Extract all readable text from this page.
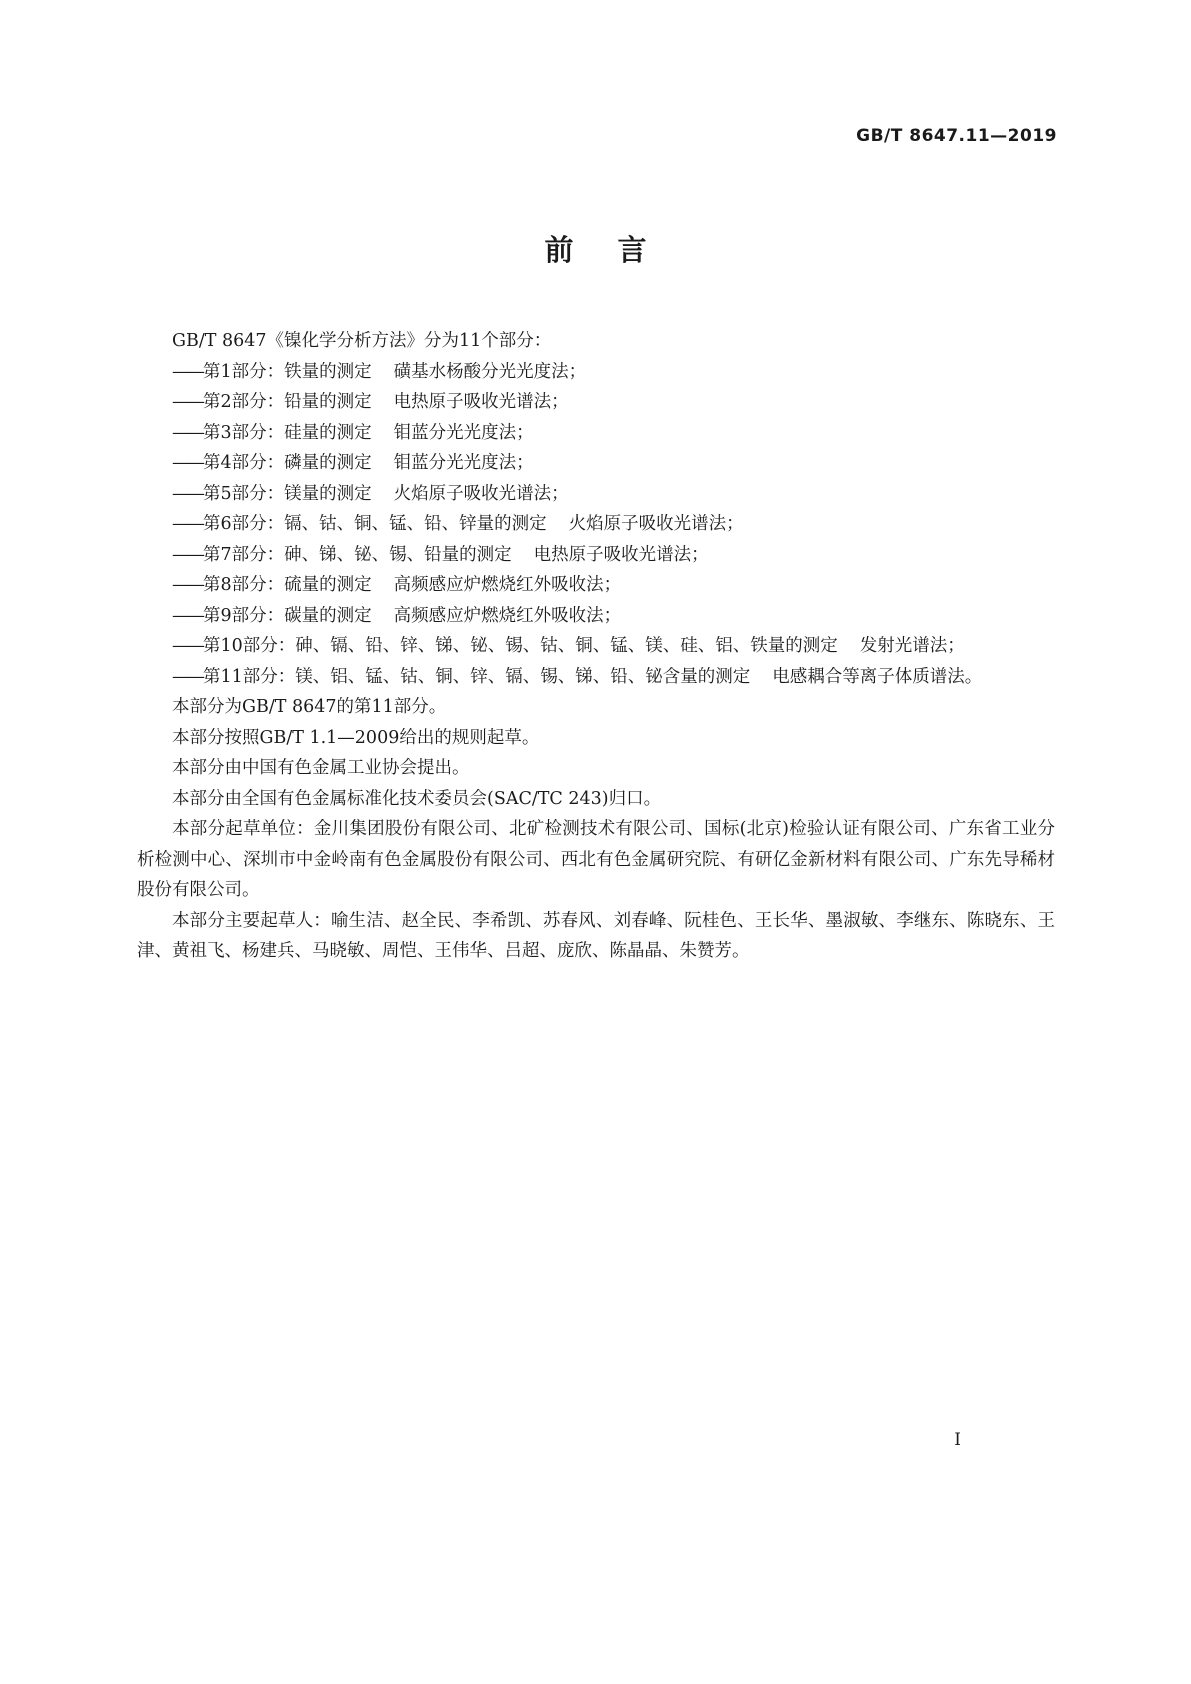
GB/T 8647.11—2019
前 言

GB/T 8647《镍化学分析方法》分为11个部分：

——第1部分：铁量的测定 磺基水杨酸分光光度法；

——第2部分：铅量的测定 电热原子吸收光谱法；

——第3部分：硅量的测定 钼蓝分光光度法；

——第4部分：磷量的测定 钼蓝分光光度法；

——第5部分：镁量的测定 火焰原子吸收光谱法；

——第6部分：镉、钴、铜、锰、铅、锌量的测定 火焰原子吸收光谱法；

——第7部分：砷、锑、铋、锡、铅量的测定 电热原子吸收光谱法；

——第8部分：硫量的测定 高频感应炉燃烧红外吸收法；

——第9部分：碳量的测定 高频感应炉燃烧红外吸收法；

——第10部分：砷、镉、铅、锌、锑、铋、锡、钴、铜、锰、镁、硅、铝、铁量的测定 发射光谱法；

——第11部分：镁、铝、锰、钴、铜、锌、镉、锡、锑、铅、铋含量的测定 电感耦合等离子体质谱法。

本部分为GB/T 8647的第11部分。

本部分按照GB/T 1.1—2009给出的规则起草。

本部分由中国有色金属工业协会提出。

本部分由全国有色金属标准化技术委员会(SAC/TC 243)归口。

本部分起草单位：金川集团股份有限公司、北矿检测技术有限公司、国标(北京)检验认证有限公司、广东省工业分析检测中心、深圳市中金岭南有色金属股份有限公司、西北有色金属研究院、有研亿金新材料有限公司、广东先导稀材股份有限公司。

本部分主要起草人：喻生洁、赵全民、李希凯、苏春风、刘春峰、阮桂色、王长华、墨淑敏、李继东、陈晓东、王津、黄祖飞、杨建兵、马晓敏、周恺、王伟华、吕超、庞欣、陈晶晶、朱赞芳。

I
